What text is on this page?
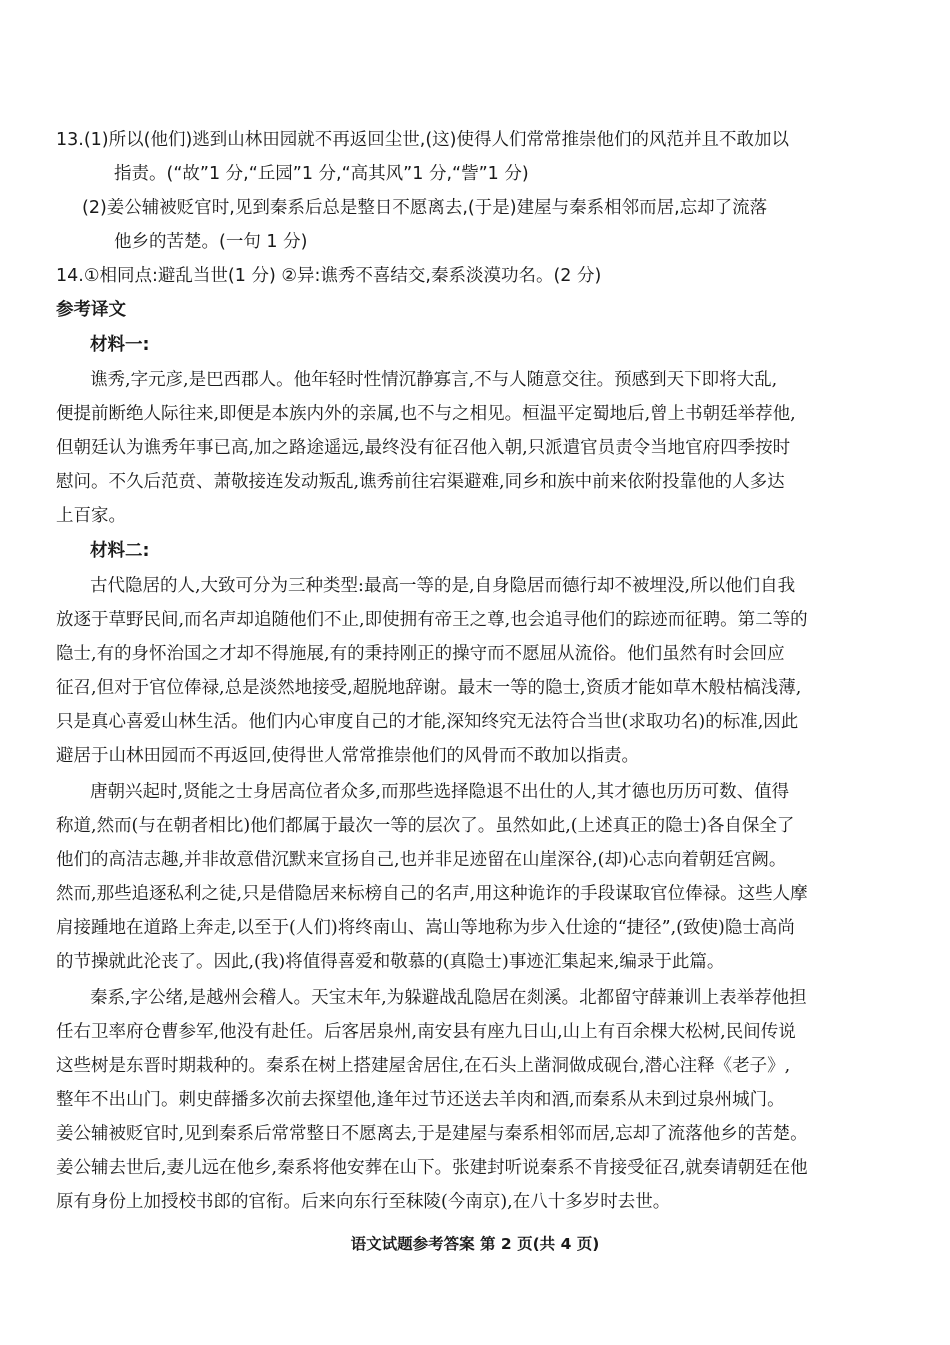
13.(1)所以(他们)逃到山林田园就不再返回尘世,(这)使得人们常常推崇他们的风范并且不敢加以
指责。(“故”1 分,“丘园”1 分,“高其风”1 分,“訾”1 分)
(2)姜公辅被贬官时,见到秦系后总是整日不愿离去,(于是)建屋与秦系相邻而居,忘却了流落
他乡的苦楚。(一句 1 分)
14.①相同点:避乱当世(1 分) ②异:谯秀不喜结交,秦系淡漠功名。(2 分)
参考译文
材料一:
谯秀,字元彦,是巴西郡人。他年轻时性情沉静寡言,不与人随意交往。预感到天下即将大乱,
便提前断绝人际往来,即便是本族内外的亲属,也不与之相见。桓温平定蜀地后,曾上书朝廷举荐他,
但朝廷认为谯秀年事已高,加之路途遥远,最终没有征召他入朝,只派遣官员责令当地官府四季按时
慰问。不久后范贲、萧敬接连发动叛乱,谯秀前往宕渠避难,同乡和族中前来依附投靠他的人多达
上百家。
材料二:
古代隐居的人,大致可分为三种类型:最高一等的是,自身隐居而德行却不被埋没,所以他们自我
放逐于草野民间,而名声却追随他们不止,即使拥有帝王之尊,也会追寻他们的踪迹而征聘。第二等的
隐士,有的身怀治国之才却不得施展,有的秉持刚正的操守而不愿屈从流俗。他们虽然有时会回应
征召,但对于官位俸禄,总是淡然地接受,超脱地辞谢。最末一等的隐士,资质才能如草木般枯槁浅薄,
只是真心喜爱山林生活。他们内心审度自己的才能,深知终究无法符合当世(求取功名)的标准,因此
避居于山林田园而不再返回,使得世人常常推崇他们的风骨而不敢加以指责。
唐朝兴起时,贤能之士身居高位者众多,而那些选择隐退不出仕的人,其才德也历历可数、值得
称道,然而(与在朝者相比)他们都属于最次一等的层次了。虽然如此,(上述真正的隐士)各自保全了
他们的高洁志趣,并非故意借沉默来宣扬自己,也并非足迹留在山崖深谷,(却)心志向着朝廷宫阙。
然而,那些追逐私利之徒,只是借隐居来标榜自己的名声,用这种诡诈的手段谋取官位俸禄。这些人摩
肩接踵地在道路上奔走,以至于(人们)将终南山、嵩山等地称为步入仕途的“捷径”,(致使)隐士高尚
的节操就此沦丧了。因此,(我)将值得喜爱和敬慕的(真隐士)事迹汇集起来,编录于此篇。
秦系,字公绪,是越州会稽人。天宝末年,为躲避战乱隐居在剡溪。北都留守薛兼训上表举荐他担
任右卫率府仓曹参军,他没有赴任。后客居泉州,南安县有座九日山,山上有百余棵大松树,民间传说
这些树是东晋时期栽种的。秦系在树上搭建屋舍居住,在石头上凿洞做成砚台,潜心注释《老子》,
整年不出山门。刺史薛播多次前去探望他,逢年过节还送去羊肉和酒,而秦系从未到过泉州城门。
姜公辅被贬官时,见到秦系后常常整日不愿离去,于是建屋与秦系相邻而居,忘却了流落他乡的苦楚。
姜公辅去世后,妻儿远在他乡,秦系将他安葬在山下。张建封听说秦系不肯接受征召,就奏请朝廷在他
原有身份上加授校书郎的官衔。后来向东行至秣陵(今南京),在八十多岁时去世。
语文试题参考答案 第 2 页(共 4 页)
